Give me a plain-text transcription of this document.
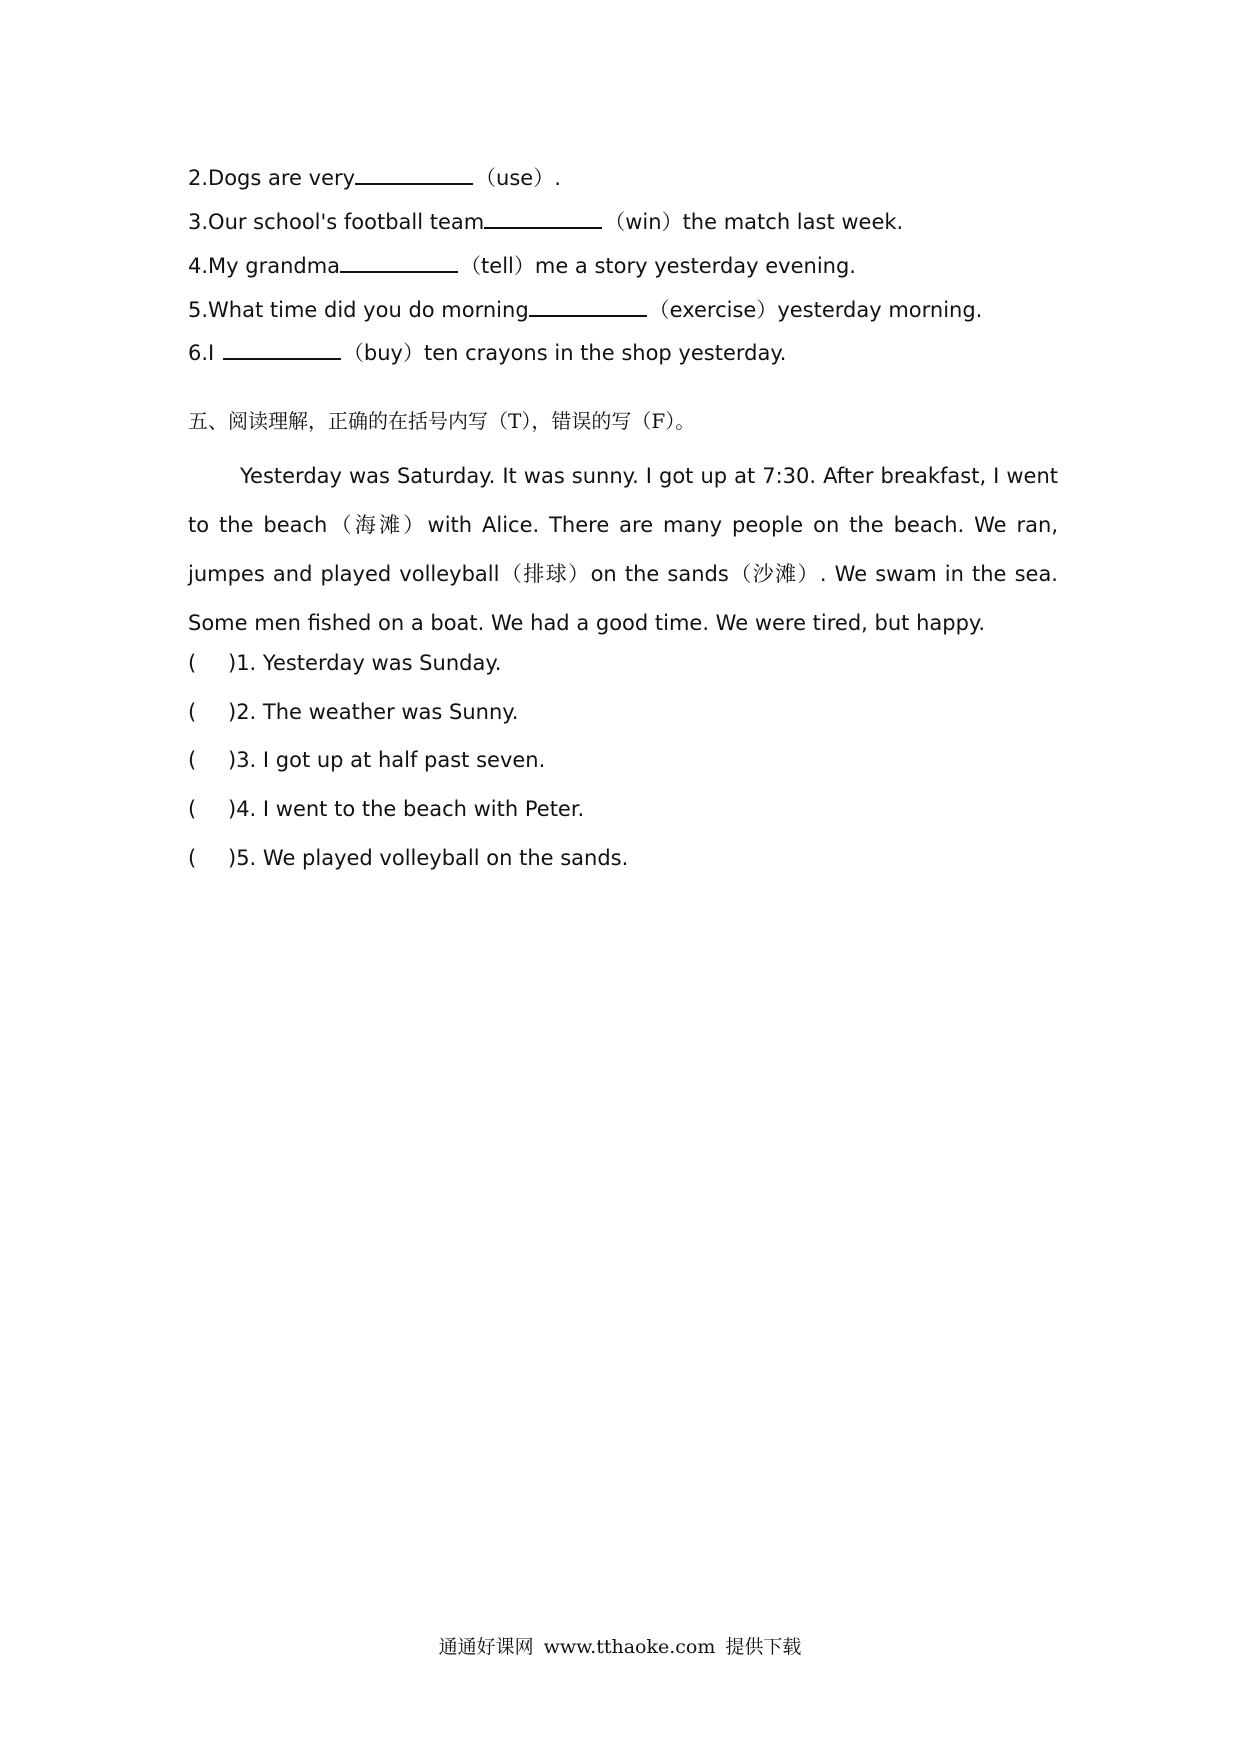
2.Dogs are very	（use）.
3.Our school's football team	（win）the match last week.
4.My grandma	（tell）me a story yesterday evening.
5.What time did you do morning	（exercise）yesterday morning.
6.I	（buy）ten crayons in the shop yesterday.
五、阅读理解，正确的在括号内写（T），错误的写（F）。

Yesterday was Saturday. It was sunny. I got up at 7:30. After breakfast, I went to the beach（海滩）with Alice. There are many people on the beach. We ran, jumpes and played volleyball（排球）on the sands（沙滩）. We swam in the sea. Some men fished on a boat. We had a good time. We were tired, but happy.

( )1. Yesterday was Sunday.
( )2. The weather was Sunny.
( )3. I got up at half past seven.
( )4. I went to the beach with Peter.
( )5. We played volleyball on the sands.
通通好课网 www.tthaoke.com 提供下载
